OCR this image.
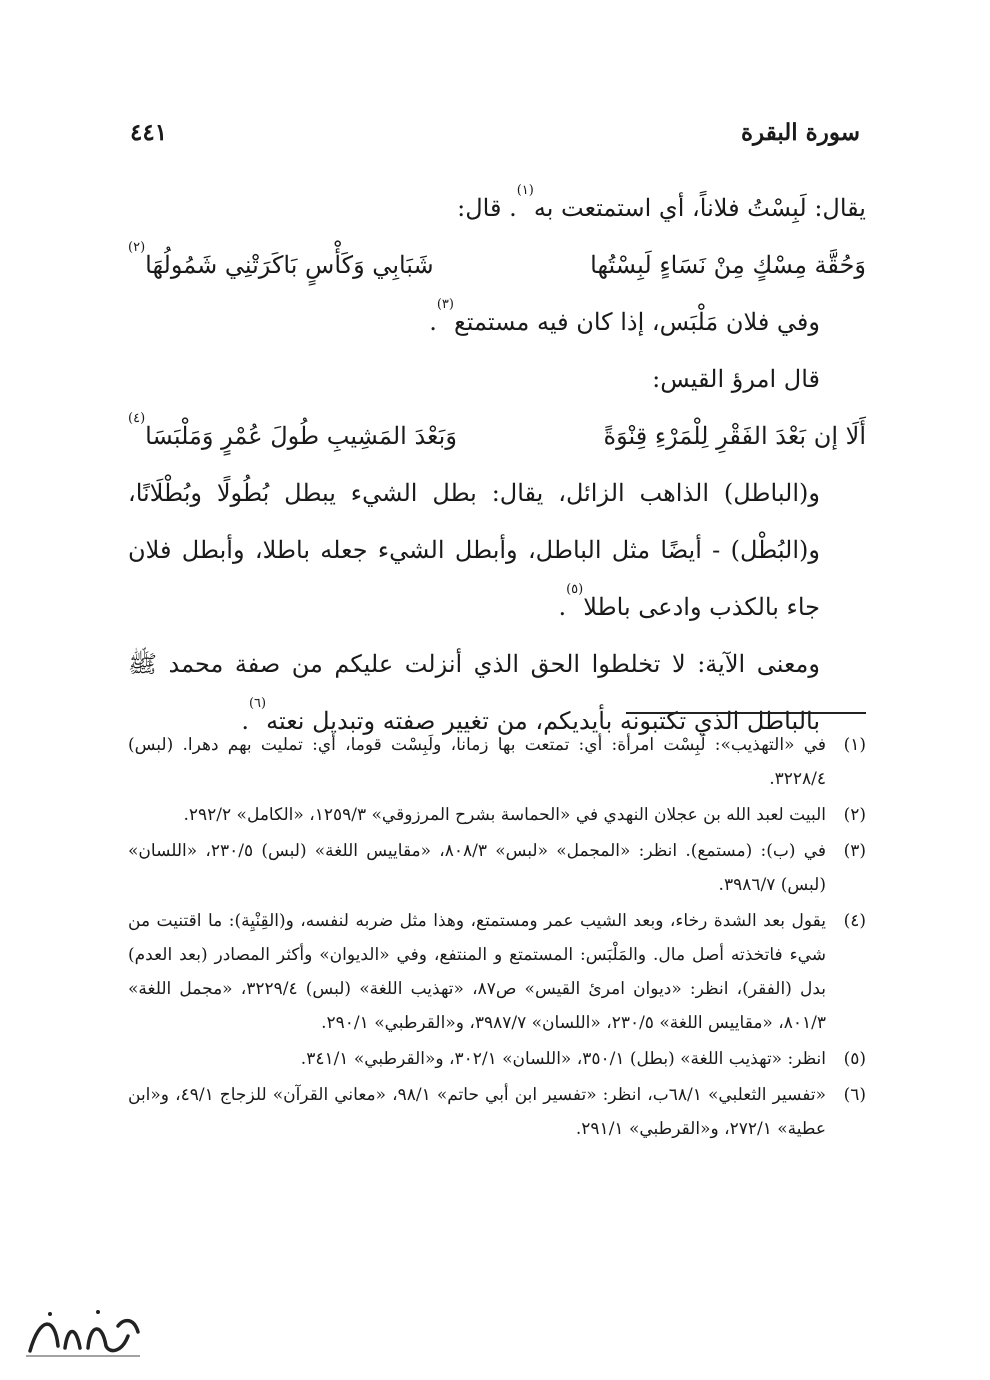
سورة البقرة
٤٤١

يقال: لَبِسْتُ فلاناً، أي استمتعت به$^{(١)}$. قال:

وَحُقَّة مِسْكٍ مِنْ نَسَاءٍ لَبِسْتُها
شَبَابِي وَكَأْسٍ بَاكَرَتْنِي شَمُولُهَا$^{(٢)}$

وفي فلان مَلْبَس، إذا كان فيه مستمتع$^{(٣)}$.

قال امرؤ القيس:

أَلَا إن بَعْدَ الفَقْرِ لِلْمَرْءِ قِنْوَةً
وَبَعْدَ المَشِيبِ طُولَ عُمْرٍ وَمَلْبَسَا$^{(٤)}$

و(الباطل) الذاهب الزائل، يقال: بطل الشيء يبطل بُطُولًا وبُطْلَانًا، و(البُطْل) - أيضًا مثل الباطل، وأبطل الشيء جعله باطلا، وأبطل فلان جاء بالكذب وادعى باطلا$^{(٥)}$.

ومعنى الآية: لا تخلطوا الحق الذي أنزلت عليكم من صفة محمد ﷺ بالباطل الذي تكتبونه بأيديكم، من تغيير صفته وتبديل نعته$^{(٦)}$.

(١)
في «التهذيب»: لَبِسْت امرأة: أي: تمتعت بها زمانا، ولَبِسْت قوما، أي: تمليت بهم دهرا. (لبس) ٣٢٢٨/٤.
(٢)
البيت لعبد الله بن عجلان النهدي في «الحماسة بشرح المرزوقي» ١٢٥٩/٣، «الكامل» ٢٩٢/٢.
(٣)
في (ب): (مستمع). انظر: «المجمل» «لبس» ٨٠٨/٣، «مقاييس اللغة» (لبس) ٢٣٠/٥، «اللسان» (لبس) ٣٩٨٦/٧.
(٤)
يقول بعد الشدة رخاء، وبعد الشيب عمر ومستمتع، وهذا مثل ضربه لنفسه، و(القِنْيِة): ما اقتنيت من شيء فاتخذته أصل مال. والمَلْبَس: المستمتع و المنتفع، وفي «الديوان» وأكثر المصادر (بعد العدم) بدل (الفقر)، انظر: «ديوان امرئ القيس» ص٨٧، «تهذيب اللغة» (لبس) ٣٢٢٩/٤، «مجمل اللغة» ٨٠١/٣، «مقاييس اللغة» ٢٣٠/٥، «اللسان» ٣٩٨٧/٧، و«القرطبي» ٢٩٠/١.
(٥)
انظر: «تهذيب اللغة» (بطل) ٣٥٠/١، «اللسان» ٣٠٢/١، و«القرطبي» ٣٤١/١.
(٦)
«تفسير الثعلبي» ٦٨/١ب، انظر: «تفسير ابن أبي حاتم» ٩٨/١، «معاني القرآن» للزجاج ٤٩/١، و«ابن عطية» ٢٧٢/١، و«القرطبي» ٢٩١/١.
